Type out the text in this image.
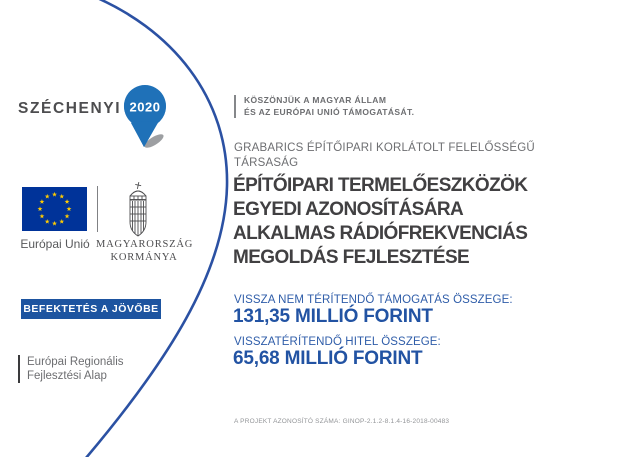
SZÉCHENYI 2020
Európai Unió MAGYARORSZÁG
KORMÁNYA
BEFEKTETÉS A JÖVŐBE
Európai Regionális
Fejlesztési Alap
KÖSZÖNJÜK A MAGYAR ÁLLAM
ÉS AZ EURÓPAI UNIÓ TÁMOGATÁSÁT.
GRABARICS ÉPÍTŐIPARI KORLÁTOLT FELELŐSSÉGŰ
TÁRSASÁG
ÉPÍTŐIPARI TERMELŐESZKÖZÖK
EGYEDI AZONOSÍTÁSÁRA
ALKALMAS RÁDIÓFREKVENCIÁS
MEGOLDÁS FEJLESZTÉSE
VISSZA NEM TÉRÍTENDŐ TÁMOGATÁS ÖSSZEGE:
131,35 MILLIÓ FORINT
VISSZATÉRÍTENDŐ HITEL ÖSSZEGE:
65,68 MILLIÓ FORINT
A PROJEKT AZONOSÍTÓ SZÁMA: GINOP-2.1.2-8.1.4-16-2018-00483
